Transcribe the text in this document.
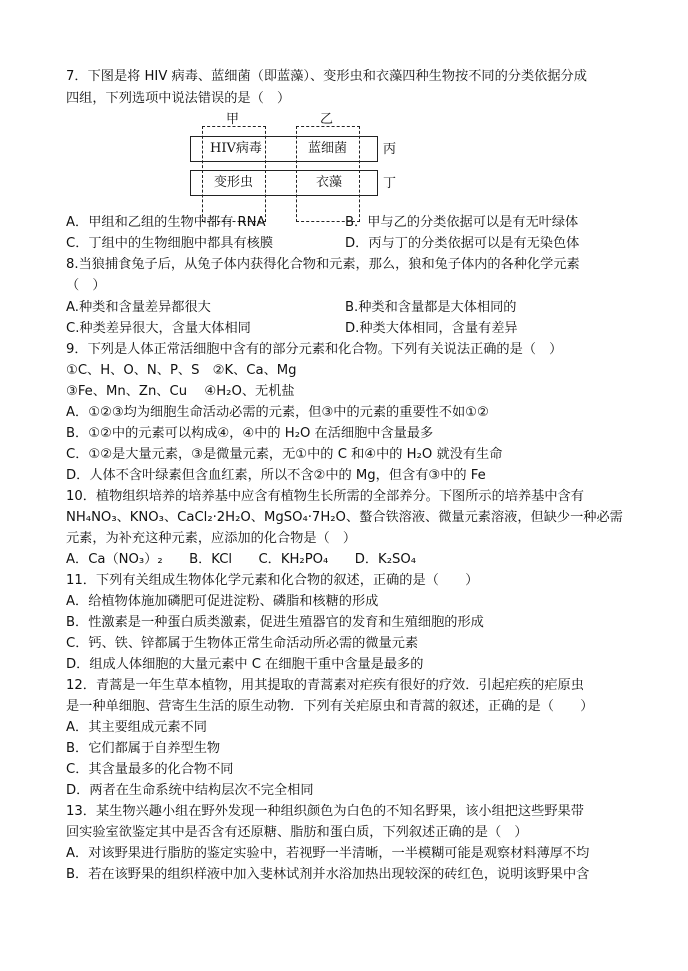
7．下图是将 HIV 病毒、蓝细菌（即蓝藻）、变形虫和衣藻四种生物按不同的分类依据分成
四组，下列选项中说法错误的是（　）
甲	乙
丙
丁
HIV病毒	蓝细菌
变形虫	衣藻
A．甲组和乙组的生物中都有 RNA	B．甲与乙的分类依据可以是有无叶绿体
C．丁组中的生物细胞中都具有核膜	D．丙与丁的分类依据可以是有无染色体
8.当狼捕食兔子后，从兔子体内获得化合物和元素，那么，狼和兔子体内的各种化学元素
（　）
A.种类和含量差异都很大	B.种类和含量都是大体相同的
C.种类差异很大，含量大体相同	D.种类大体相同，含量有差异
9．下列是人体正常活细胞中含有的部分元素和化合物。下列有关说法正确的是（　）
①C、H、O、N、P、S　②K、Ca、Mg
③Fe、Mn、Zn、Cu　 ④H₂O、无机盐
A．①②③均为细胞生命活动必需的元素，但③中的元素的重要性不如①②
B．①②中的元素可以构成④，④中的 H₂O 在活细胞中含量最多
C．①②是大量元素，③是微量元素，无①中的 C 和④中的 H₂O 就没有生命
D．人体不含叶绿素但含血红素，所以不含②中的 Mg，但含有③中的 Fe
10．植物组织培养的培养基中应含有植物生长所需的全部养分。下图所示的培养基中含有
NH₄NO₃、KNO₃、CaCl₂·2H₂O、MgSO₄·7H₂O、螯合铁溶液、微量元素溶液，但缺少一种必需
元素，为补充这种元素，应添加的化合物是（　）
A．Ca（NO₃）₂　　B．KCl　　C．KH₂PO₄　　D．K₂SO₄
11．下列有关组成生物体化学元素和化合物的叙述，正确的是（　　）
A．给植物体施加磷肥可促进淀粉、磷脂和核糖的形成
B．性激素是一种蛋白质类激素，促进生殖器官的发育和生殖细胞的形成
C．钙、铁、锌都属于生物体正常生命活动所必需的微量元素
D．组成人体细胞的大量元素中 C 在细胞干重中含量是最多的
12．青蒿是一年生草本植物，用其提取的青蒿素对疟疾有很好的疗效．引起疟疾的疟原虫
是一种单细胞、营寄生生活的原生动物．下列有关疟原虫和青蒿的叙述，正确的是（　　）
A．其主要组成元素不同
B．它们都属于自养型生物
C．其含量最多的化合物不同
D．两者在生命系统中结构层次不完全相同
13．某生物兴趣小组在野外发现一种组织颜色为白色的不知名野果，该小组把这些野果带
回实验室欲鉴定其中是否含有还原糖、脂肪和蛋白质，下列叙述正确的是（　）
A．对该野果进行脂肪的鉴定实验中，若视野一半清晰，一半模糊可能是观察材料薄厚不均
B．若在该野果的组织样液中加入斐林试剂并水浴加热出现较深的砖红色，说明该野果中含
